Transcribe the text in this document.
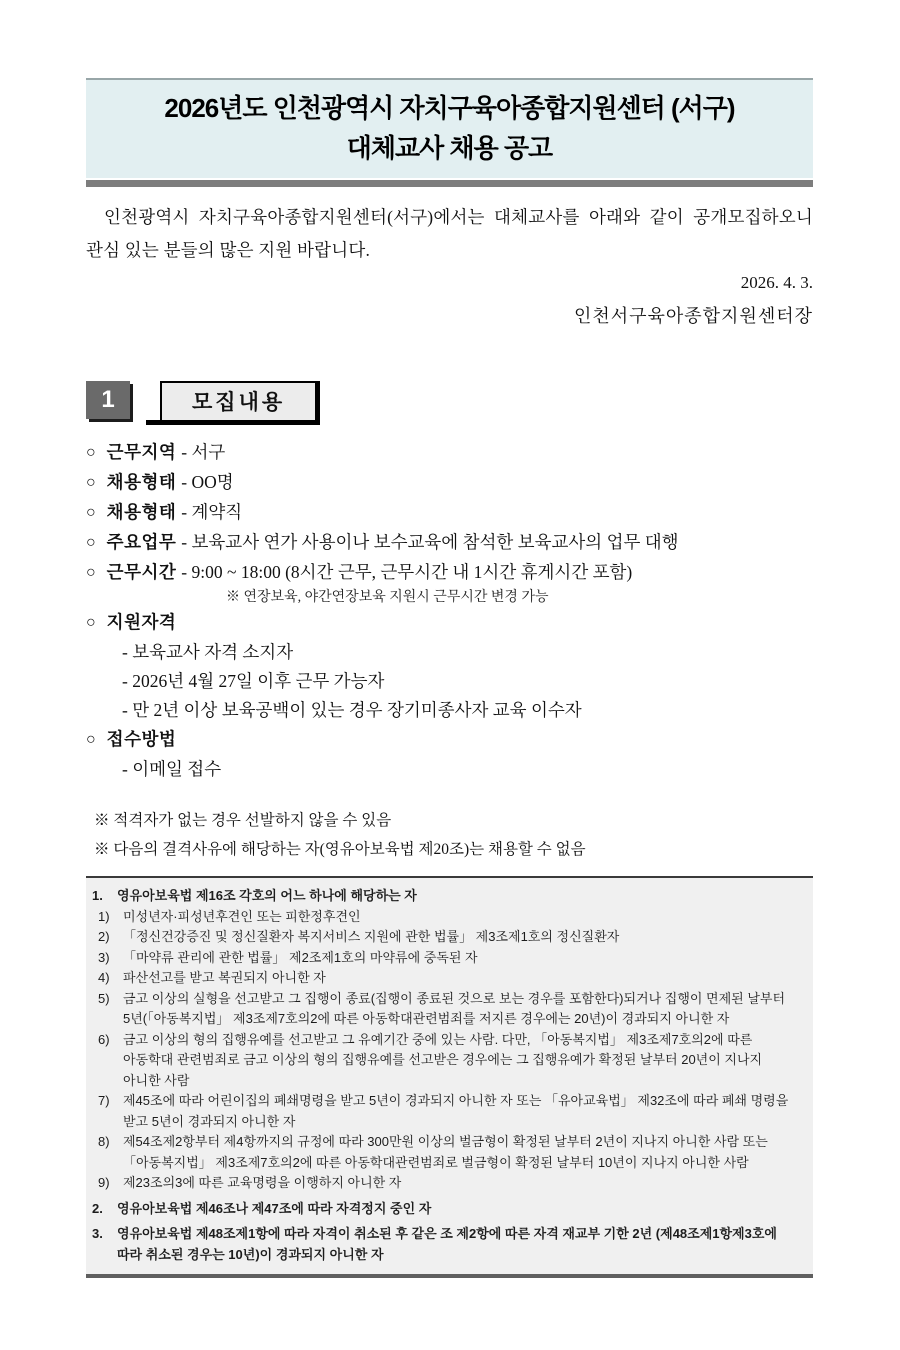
2026년도 인천광역시 자치구육아종합지원센터 (서구)
대체교사 채용 공고

인천광역시 자치구육아종합지원센터(서구)에서는 대체교사를 아래와 같이 공개모집하오니 관심 있는 분들의 많은 지원 바랍니다.

2026. 4. 3.
인천서구육아종합지원센터장
1	모집내용
○ 근무지역 - 서구
○ 채용형태 - OO명
○ 채용형태 - 계약직
○ 주요업무 - 보육교사 연가 사용이나 보수교육에 참석한 보육교사의 업무 대행
○ 근무시간 - 9:00 ~ 18:00 (8시간 근무, 근무시간 내 1시간 휴게시간 포함)
※ 연장보육, 야간연장보육 지원시 근무시간 변경 가능
○ 지원자격
- 보육교사 자격 소지자
- 2026년 4월 27일 이후 근무 가능자
- 만 2년 이상 보육공백이 있는 경우 장기미종사자 교육 이수자
○ 접수방법
- 이메일 접수
※ 적격자가 없는 경우 선발하지 않을 수 있음
※ 다음의 결격사유에 해당하는 자(영유아보육법 제20조)는 채용할 수 없음
1.	영유아보육법 제16조 각호의 어느 하나에 해당하는 자
1)	미성년자·피성년후견인 또는 피한정후견인
2)	「정신건강증진 및 정신질환자 복지서비스 지원에 관한 법률」 제3조제1호의 정신질환자
3)	「마약류 관리에 관한 법률」 제2조제1호의 마약류에 중독된 자
4)	파산선고를 받고 복권되지 아니한 자
5)	금고 이상의 실형을 선고받고 그 집행이 종료(집행이 종료된 것으로 보는 경우를 포함한다)되거나 집행이 면제된 날부터 5년(「아동복지법」 제3조제7호의2에 따른 아동학대관련범죄를 저지른 경우에는 20년)이 경과되지 아니한 자
6)	금고 이상의 형의 집행유예를 선고받고 그 유예기간 중에 있는 사람. 다만, 「아동복지법」 제3조제7호의2에 따른 아동학대 관련범죄로 금고 이상의 형의 집행유예를 선고받은 경우에는 그 집행유예가 확정된 날부터 20년이 지나지 아니한 사람
7)	제45조에 따라 어린이집의 폐쇄명령을 받고 5년이 경과되지 아니한 자 또는 「유아교육법」 제32조에 따라 폐쇄 명령을 받고 5년이 경과되지 아니한 자
8)	제54조제2항부터 제4항까지의 규정에 따라 300만원 이상의 벌금형이 확정된 날부터 2년이 지나지 아니한 사람 또는 「아동복지법」 제3조제7호의2에 따른 아동학대관련범죄로 벌금형이 확정된 날부터 10년이 지나지 아니한 사람
9)	제23조의3에 따른 교육명령을 이행하지 아니한 자
2.	영유아보육법 제46조나 제47조에 따라 자격정지 중인 자
3.	영유아보육법 제48조제1항에 따라 자격이 취소된 후 같은 조 제2항에 따른 자격 재교부 기한 2년 (제48조제1항제3호에 따라 취소된 경우는 10년)이 경과되지 아니한 자
